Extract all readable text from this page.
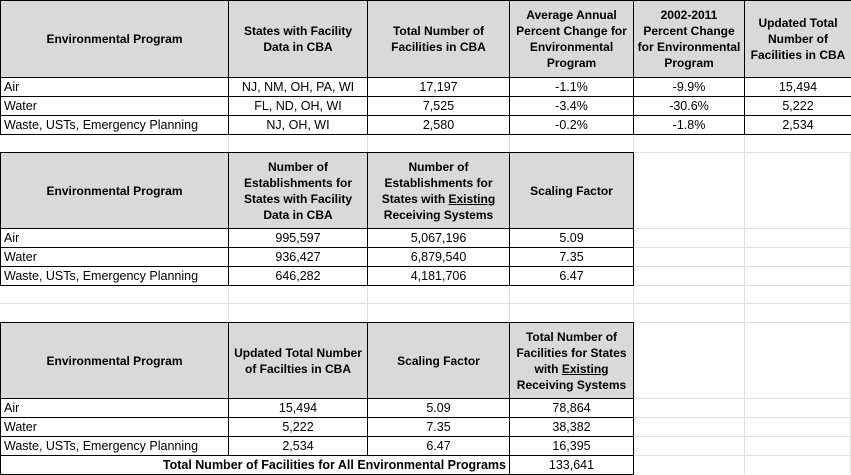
Environmental Program	States with Facility Data in CBA	Total Number of Facilities in CBA	Average Annual Percent Change for Environmental Program	2002-2011 Percent Change for Environmental Program	Updated Total Number of Facilities in CBA
Air	NJ, NM, OH, PA, WI	17,197	-1.1%	-9.9%	15,494
Water	FL, ND, OH, WI	7,525	-3.4%	-30.6%	5,222
Waste, USTs, Emergency Planning	NJ, OH, WI	2,580	-0.2%	-1.8%	2,534
Environmental Program	Number of Establishments for States with Facility Data in CBA	Number of Establishments for States with Existing Receiving Systems	Scaling Factor
Air	995,597	5,067,196	5.09
Water	936,427	6,879,540	7.35
Waste, USTs, Emergency Planning	646,282	4,181,706	6.47
Environmental Program	Updated Total Number of Facilties in CBA	Scaling Factor	Total Number of Facilities for States with Existing Receiving Systems
Air	15,494	5.09	78,864
Water	5,222	7.35	38,382
Waste, USTs, Emergency Planning	2,534	6.47	16,395
Total Number of Facilities for All Environmental Programs			133,641
